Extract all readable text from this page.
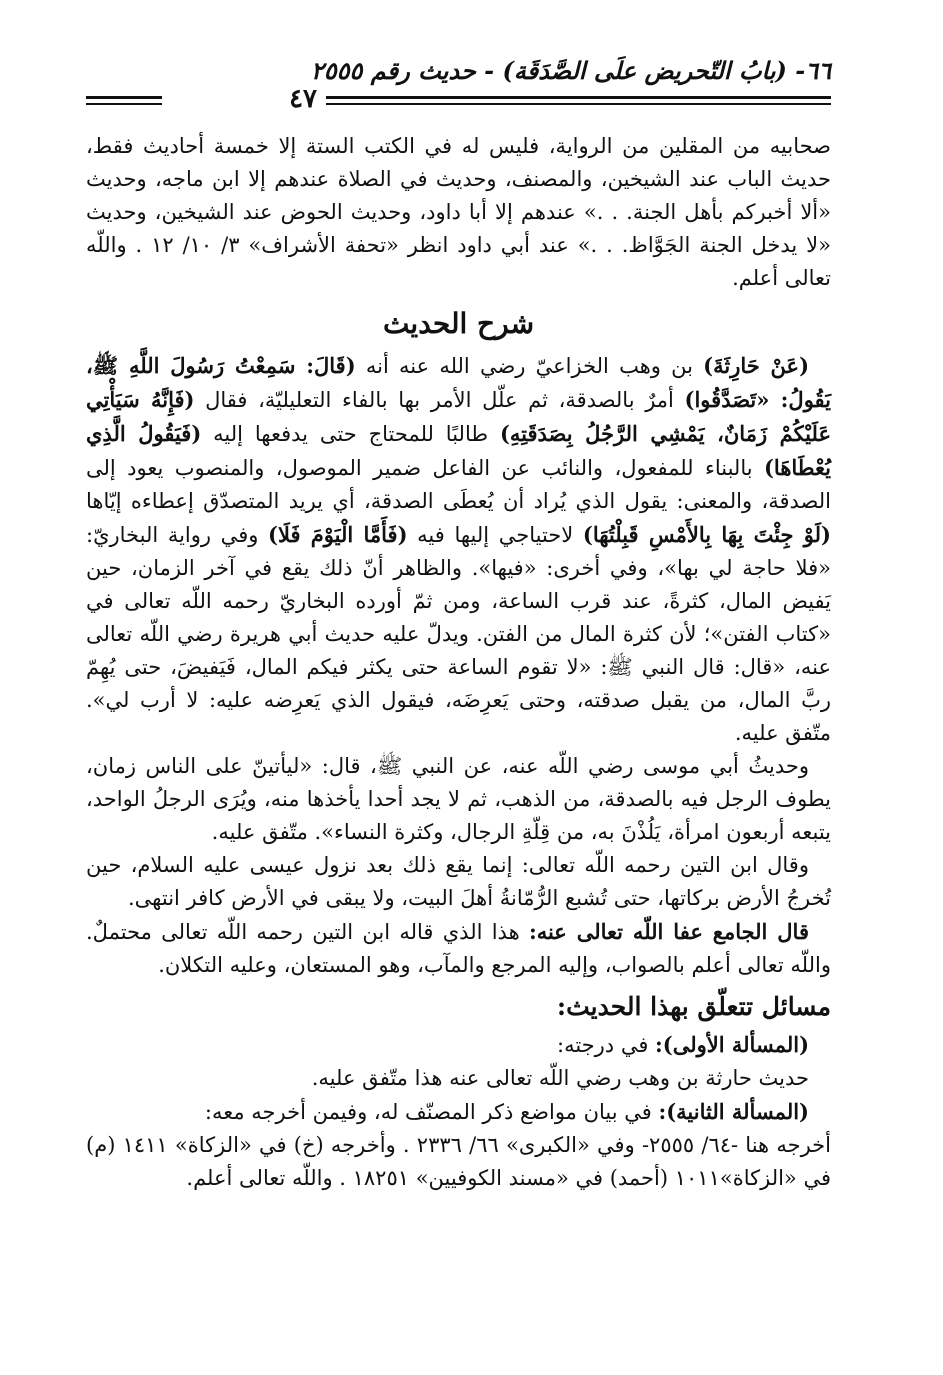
٦٦- (بابُ التّحريض علَى الصَّدَقَة) - حديث رقم ٢٥٥٥
٤٧

صحابيه من المقلين من الرواية، فليس له في الكتب الستة إلا خمسة أحاديث فقط، حديث الباب عند الشيخين، والمصنف، وحديث في الصلاة عندهم إلا ابن ماجه، وحديث «ألا أخبركم بأهل الجنة. . .» عندهم إلا أبا داود، وحديث الحوض عند الشيخين، وحديث «لا يدخل الجنة الجَوَّاظ. . .» عند أبي داود انظر «تحفة الأشراف» ٣/ ١٠/ ١٢ . واللّه تعالى أعلم.

شرح الحديث

(عَنْ حَارِثَةَ) بن وهب الخزاعيّ رضي الله عنه أنه (قَالَ: سَمِعْتُ رَسُولَ اللَّهِ ﷺ، يَقُولُ: «تَصَدَّقُوا) أمرٌ بالصدقة، ثم علّل الأمر بها بالفاء التعليليّة، فقال (فَإِنَّهُ سَيَأْتِي عَلَيْكُمْ زَمَانٌ، يَمْشِي الرَّجُلُ بِصَدَقَتِهِ) طالبًا للمحتاج حتى يدفعها إليه (فَيَقُولُ الَّذِي يُعْطَاهَا) بالبناء للمفعول، والنائب عن الفاعل ضمير الموصول، والمنصوب يعود إلى الصدقة، والمعنى: يقول الذي يُراد أن يُعطَى الصدقة، أي يريد المتصدّق إعطاءه إيّاها (لَوْ جِئْتَ بِهَا بِالأَمْسِ قَبِلْتُهَا) لاحتياجي إليها فيه (فَأَمَّا الْيَوْمَ فَلَا) وفي رواية البخاريّ: «فلا حاجة لي بها»، وفي أخرى: «فيها». والظاهر أنّ ذلك يقع في آخر الزمان، حين يَفيض المال، كثرةً، عند قرب الساعة، ومن ثمّ أورده البخاريّ رحمه اللّه تعالى في «كتاب الفتن»؛ لأن كثرة المال من الفتن. ويدلّ عليه حديث أبي هريرة رضي اللّه تعالى عنه، «قال: قال النبي ﷺ: «لا تقوم الساعة حتى يكثر فيكم المال، فَيَفيضَ، حتى يُهِمّ ربَّ المال، من يقبل صدقته، وحتى يَعرِضَه، فيقول الذي يَعرِضه عليه: لا أرب لي». متّفق عليه.

وحديثُ أبي موسى رضي اللّه عنه، عن النبي ﷺ، قال: «ليأتينّ على الناس زمان، يطوف الرجل فيه بالصدقة، من الذهب، ثم لا يجد أحدا يأخذها منه، ويُرَى الرجلُ الواحد، يتبعه أربعون امرأة، يَلُذْنَ به، من قِلّةِ الرجال، وكثرة النساء». متّفق عليه.

وقال ابن التين رحمه اللّه تعالى: إنما يقع ذلك بعد نزول عيسى عليه السلام، حين تُخرجُ الأرض بركاتها، حتى تُشبع الرُّمّانةُ أهلَ البيت، ولا يبقى في الأرض كافر انتهى.

قال الجامع عفا اللّه تعالى عنه: هذا الذي قاله ابن التين رحمه اللّه تعالى محتملٌ. واللّه تعالى أعلم بالصواب، وإليه المرجع والمآب، وهو المستعان، وعليه التكلان.

مسائل تتعلّق بهذا الحديث:

(المسألة الأولى): في درجته:

حديث حارثة بن وهب رضي اللّه تعالى عنه هذا متّفق عليه.

(المسألة الثانية): في بيان مواضع ذكر المصنّف له، وفيمن أخرجه معه:

أخرجه هنا -٦٤/ ٢٥٥٥- وفي «الكبرى» ٦٦/ ٢٣٣٦ . وأخرجه (خ) في «الزكاة» ١٤١١ (م) في «الزكاة»١٠١١ (أحمد) في «مسند الكوفيين» ١٨٢٥١ . واللّه تعالى أعلم.
